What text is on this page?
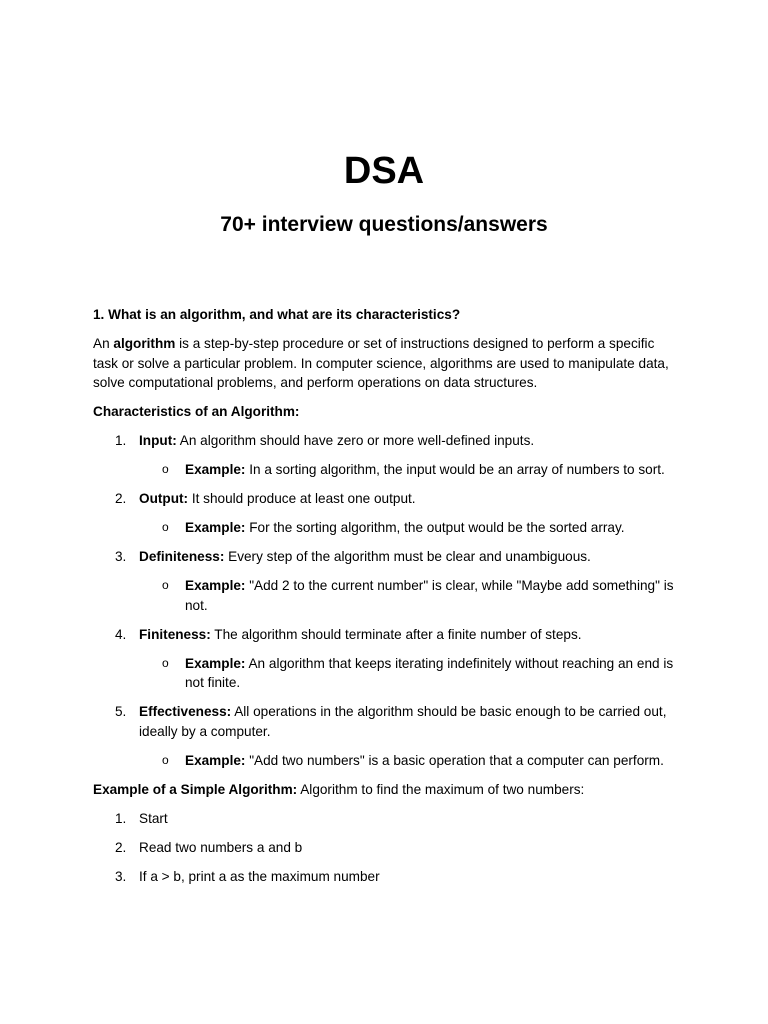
DSA
70+ interview questions/answers

1. What is an algorithm, and what are its characteristics?

An algorithm is a step-by-step procedure or set of instructions designed to perform a specific task or solve a particular problem. In computer science, algorithms are used to manipulate data, solve computational problems, and perform operations on data structures.

Characteristics of an Algorithm:

1. Input: An algorithm should have zero or more well-defined inputs.
o Example: In a sorting algorithm, the input would be an array of numbers to sort.
2. Output: It should produce at least one output.
o Example: For the sorting algorithm, the output would be the sorted array.
3. Definiteness: Every step of the algorithm must be clear and unambiguous.
o Example: "Add 2 to the current number" is clear, while "Maybe add something" is not.
4. Finiteness: The algorithm should terminate after a finite number of steps.
o Example: An algorithm that keeps iterating indefinitely without reaching an end is not finite.
5. Effectiveness: All operations in the algorithm should be basic enough to be carried out, ideally by a computer.
o Example: "Add two numbers" is a basic operation that a computer can perform.

Example of a Simple Algorithm: Algorithm to find the maximum of two numbers:

1. Start
2. Read two numbers a and b
3. If a > b, print a as the maximum number
